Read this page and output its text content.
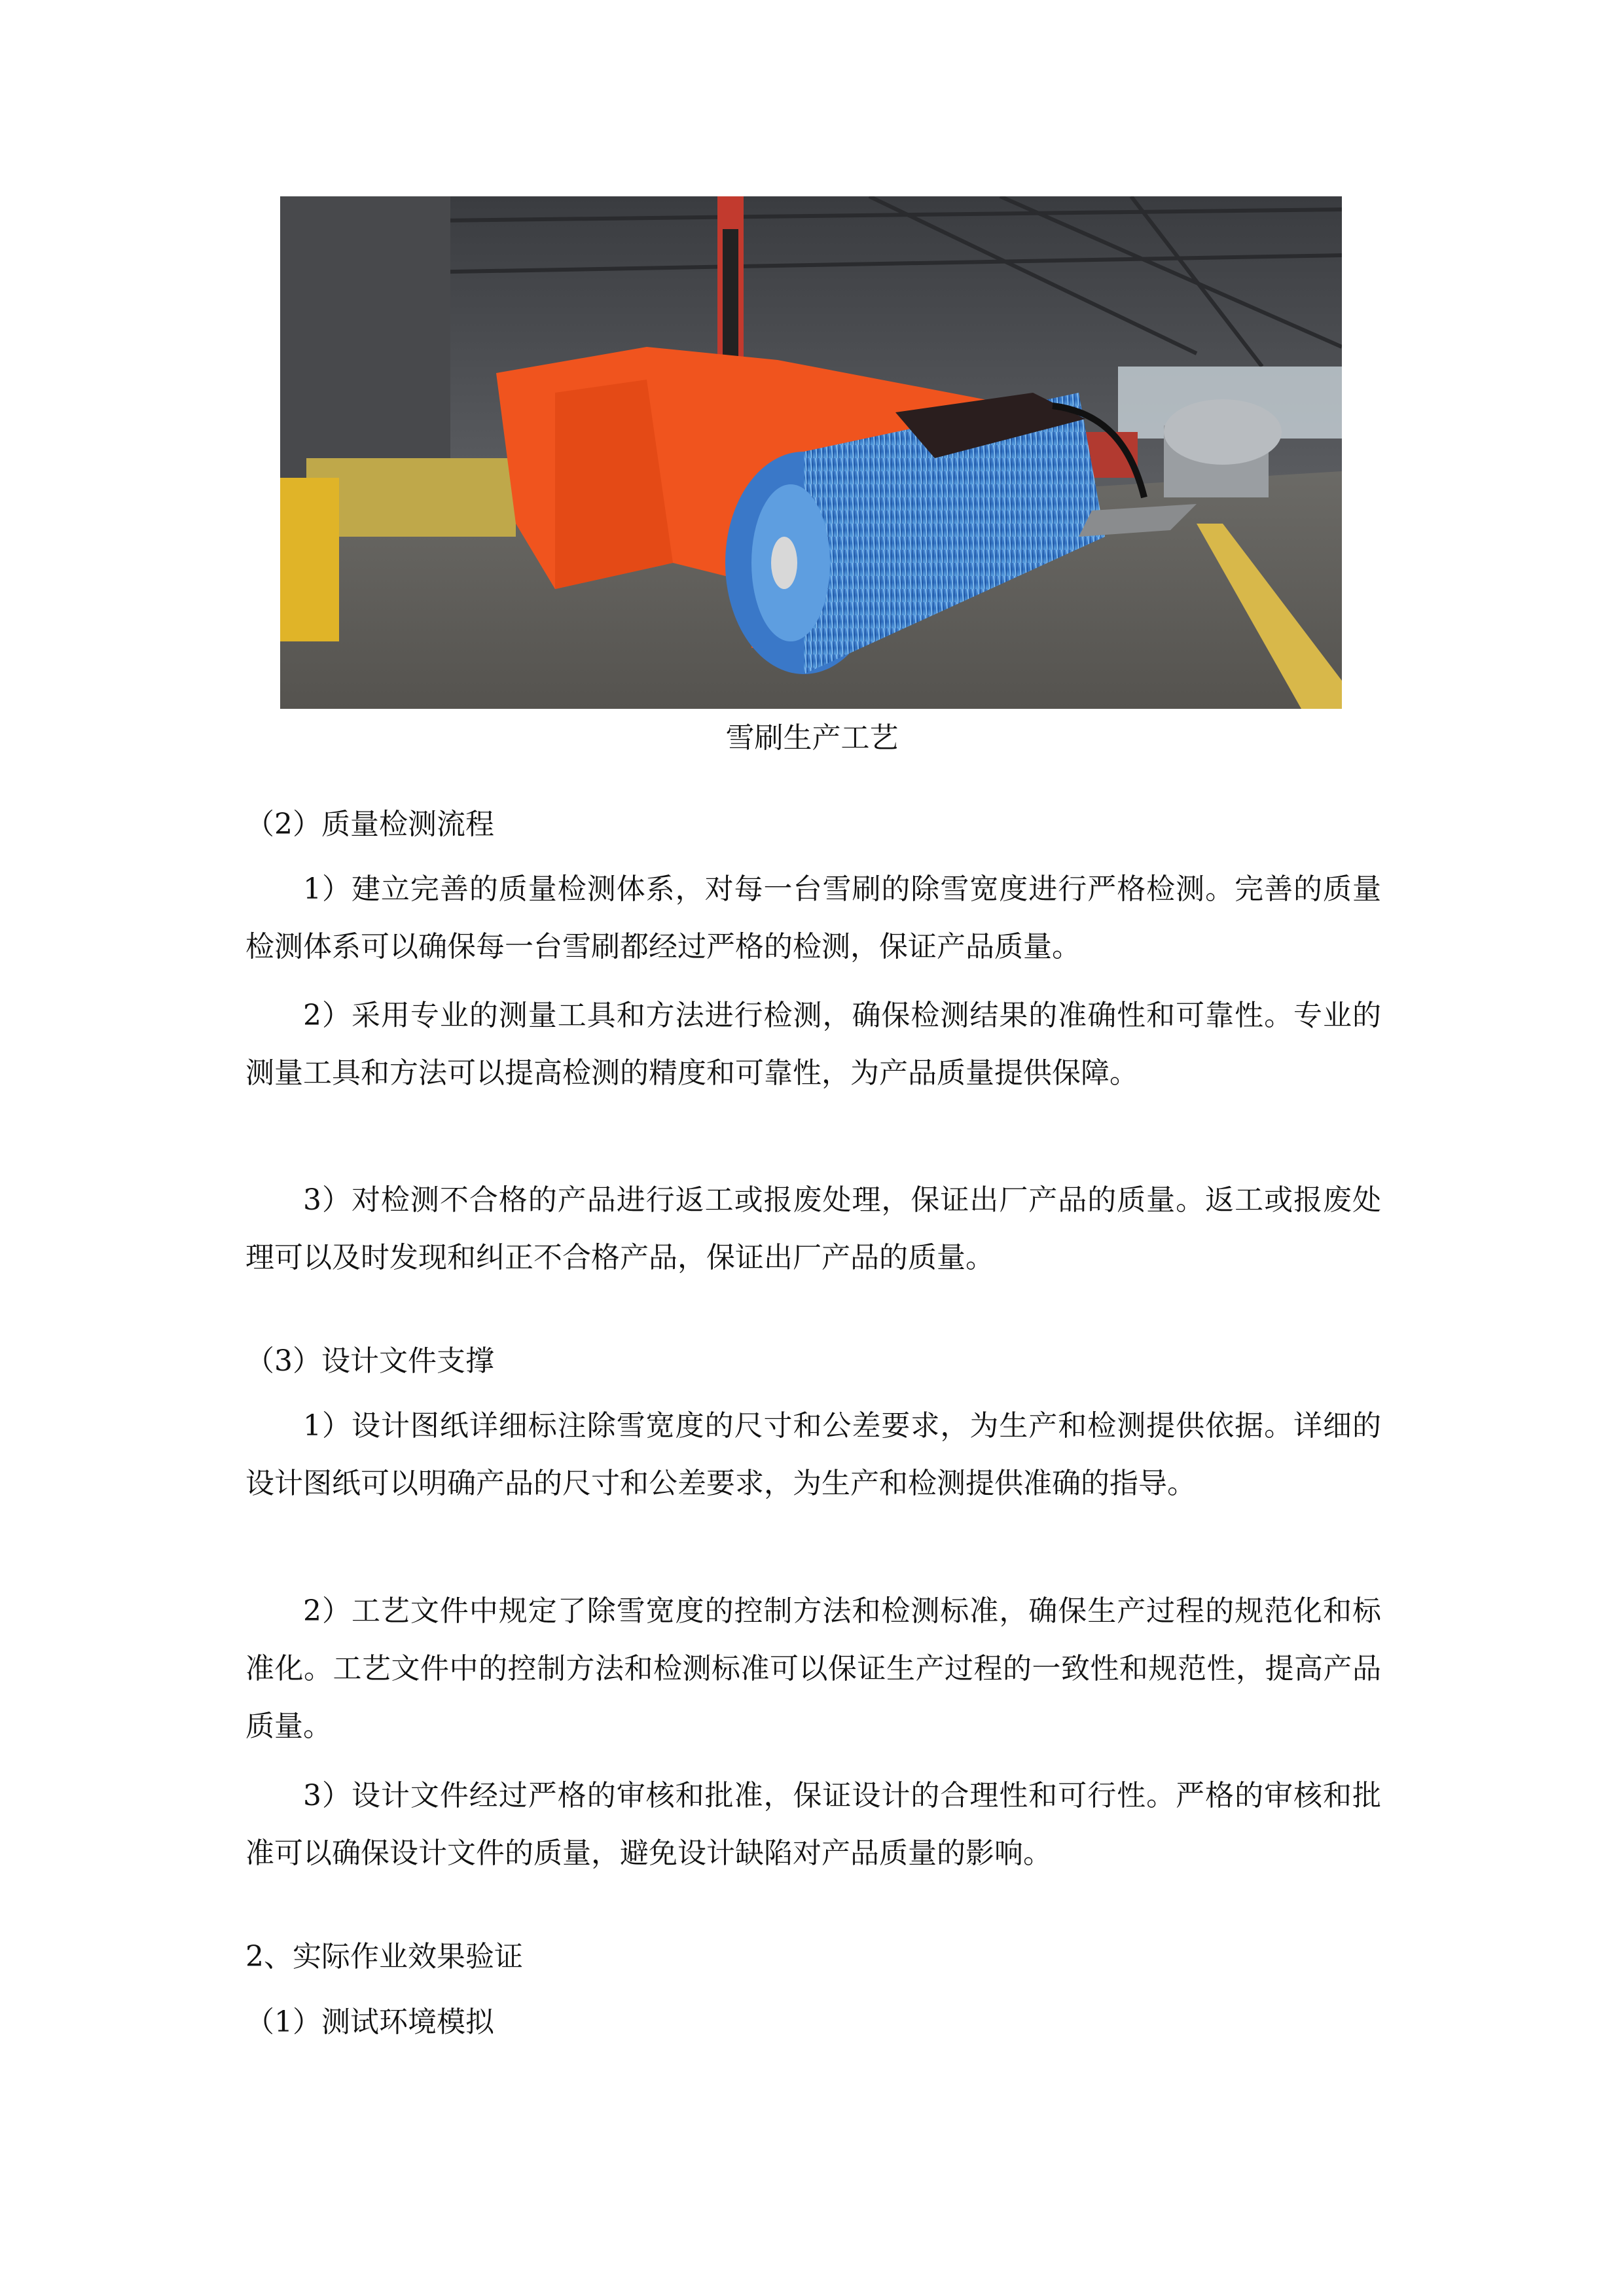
雪刷生产工艺
（2）质量检测流程
1）建立完善的质量检测体系，对每一台雪刷的除雪宽度进行严格检测。完善的质量检测体系可以确保每一台雪刷都经过严格的检测，保证产品质量。
2）采用专业的测量工具和方法进行检测，确保检测结果的准确性和可靠性。专业的测量工具和方法可以提高检测的精度和可靠性，为产品质量提供保障。
3）对检测不合格的产品进行返工或报废处理，保证出厂产品的质量。返工或报废处理可以及时发现和纠正不合格产品，保证出厂产品的质量。
（3）设计文件支撑
1）设计图纸详细标注除雪宽度的尺寸和公差要求，为生产和检测提供依据。详细的设计图纸可以明确产品的尺寸和公差要求，为生产和检测提供准确的指导。
2）工艺文件中规定了除雪宽度的控制方法和检测标准，确保生产过程的规范化和标准化。工艺文件中的控制方法和检测标准可以保证生产过程的一致性和规范性，提高产品质量。
3）设计文件经过严格的审核和批准，保证设计的合理性和可行性。严格的审核和批准可以确保设计文件的质量，避免设计缺陷对产品质量的影响。
2、实际作业效果验证
（1）测试环境模拟
